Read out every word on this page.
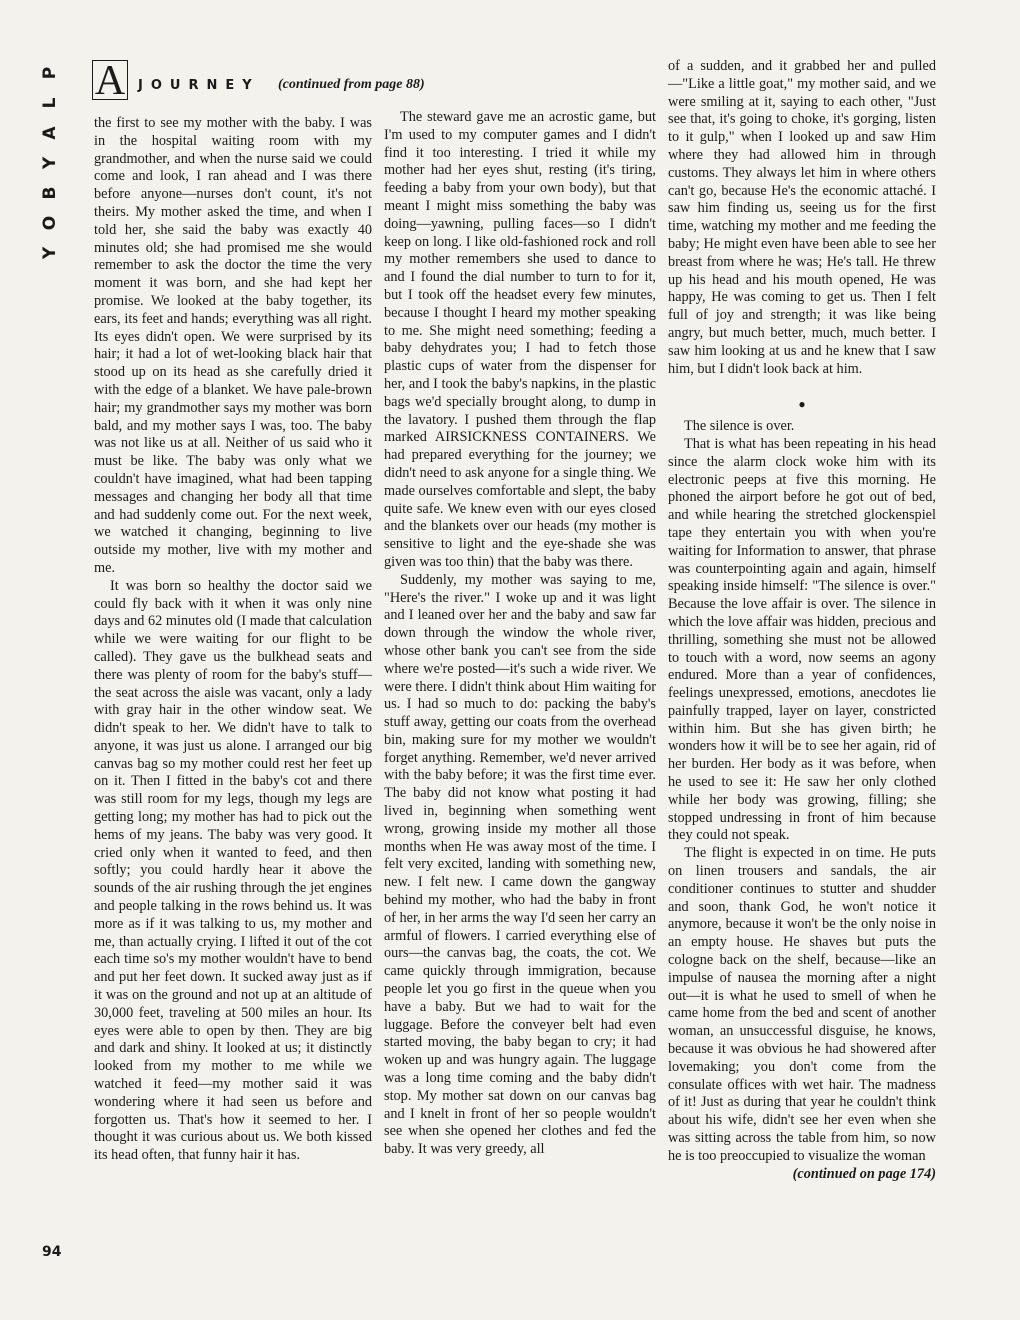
P
L
A
Y
B
O
Y
94
A JOURNEY (continued from page 88)

the first to see my mother with the baby. I was in the hospital waiting room with my grandmother, and when the nurse said we could come and look, I ran ahead and I was there before anyone—nurses don't count, it's not theirs. My mother asked the time, and when I told her, she said the baby was exactly 40 minutes old; she had promised me she would remember to ask the doctor the time the very moment it was born, and she had kept her promise. We looked at the baby together, its ears, its feet and hands; everything was all right. Its eyes didn't open. We were surprised by its hair; it had a lot of wet-looking black hair that stood up on its head as she carefully dried it with the edge of a blanket. We have pale-brown hair; my grandmother says my mother was born bald, and my mother says I was, too. The baby was not like us at all. Neither of us said who it must be like. The baby was only what we couldn't have imagined, what had been tapping messages and changing her body all that time and had suddenly come out. For the next week, we watched it changing, beginning to live outside my mother, live with my mother and me.

It was born so healthy the doctor said we could fly back with it when it was only nine days and 62 minutes old (I made that calculation while we were waiting for our flight to be called). They gave us the bulkhead seats and there was plenty of room for the baby's stuff—the seat across the aisle was vacant, only a lady with gray hair in the other window seat. We didn't speak to her. We didn't have to talk to anyone, it was just us alone. I arranged our big canvas bag so my mother could rest her feet up on it. Then I fitted in the baby's cot and there was still room for my legs, though my legs are getting long; my mother has had to pick out the hems of my jeans. The baby was very good. It cried only when it wanted to feed, and then softly; you could hardly hear it above the sounds of the air rushing through the jet engines and people talking in the rows behind us. It was more as if it was talking to us, my mother and me, than actually crying. I lifted it out of the cot each time so's my mother wouldn't have to bend and put her feet down. It sucked away just as if it was on the ground and not up at an altitude of 30,000 feet, traveling at 500 miles an hour. Its eyes were able to open by then. They are big and dark and shiny. It looked at us; it distinctly looked from my mother to me while we watched it feed—my mother said it was wondering where it had seen us before and forgotten us. That's how it seemed to her. I thought it was curious about us. We both kissed its head often, that funny hair it has.

The steward gave me an acrostic game, but I'm used to my computer games and I didn't find it too interesting. I tried it while my mother had her eyes shut, resting (it's tiring, feeding a baby from your own body), but that meant I might miss something the baby was doing—yawning, pulling faces—so I didn't keep on long. I like old-fashioned rock and roll my mother remembers she used to dance to and I found the dial number to turn to for it, but I took off the headset every few minutes, because I thought I heard my mother speaking to me. She might need something; feeding a baby dehydrates you; I had to fetch those plastic cups of water from the dispenser for her, and I took the baby's napkins, in the plastic bags we'd specially brought along, to dump in the lavatory. I pushed them through the flap marked AIRSICKNESS CONTAINERS. We had prepared everything for the journey; we didn't need to ask anyone for a single thing. We made ourselves comfortable and slept, the baby quite safe. We knew even with our eyes closed and the blankets over our heads (my mother is sensitive to light and the eye-shade she was given was too thin) that the baby was there.

Suddenly, my mother was saying to me, "Here's the river." I woke up and it was light and I leaned over her and the baby and saw far down through the window the whole river, whose other bank you can't see from the side where we're posted—it's such a wide river. We were there. I didn't think about Him waiting for us. I had so much to do: packing the baby's stuff away, getting our coats from the overhead bin, making sure for my mother we wouldn't forget anything. Remember, we'd never arrived with the baby before; it was the first time ever. The baby did not know what posting it had lived in, beginning when something went wrong, growing inside my mother all those months when He was away most of the time. I felt very excited, landing with something new, new. I felt new. I came down the gangway behind my mother, who had the baby in front of her, in her arms the way I'd seen her carry an armful of flowers. I carried everything else of ours—the canvas bag, the coats, the cot. We came quickly through immigration, because people let you go first in the queue when you have a baby. But we had to wait for the luggage. Before the conveyer belt had even started moving, the baby began to cry; it had woken up and was hungry again. The luggage was a long time coming and the baby didn't stop. My mother sat down on our canvas bag and I knelt in front of her so people wouldn't see when she opened her clothes and fed the baby. It was very greedy, all

of a sudden, and it grabbed her and pulled—"Like a little goat," my mother said, and we were smiling at it, saying to each other, "Just see that, it's going to choke, it's gorging, listen to it gulp," when I looked up and saw Him where they had allowed him in through customs. They always let him in where others can't go, because He's the economic attaché. I saw him finding us, seeing us for the first time, watching my mother and me feeding the baby; He might even have been able to see her breast from where he was; He's tall. He threw up his head and his mouth opened, He was happy, He was coming to get us. Then I felt full of joy and strength; it was like being angry, but much better, much, much better. I saw him looking at us and he knew that I saw him, but I didn't look back at him.

●

The silence is over.

That is what has been repeating in his head since the alarm clock woke him with its electronic peeps at five this morning. He phoned the airport before he got out of bed, and while hearing the stretched glockenspiel tape they entertain you with when you're waiting for Information to answer, that phrase was counterpointing again and again, himself speaking inside himself: "The silence is over." Because the love affair is over. The silence in which the love affair was hidden, precious and thrilling, something she must not be allowed to touch with a word, now seems an agony endured. More than a year of confidences, feelings unexpressed, emotions, anecdotes lie painfully trapped, layer on layer, constricted within him. But she has given birth; he wonders how it will be to see her again, rid of her burden. Her body as it was before, when he used to see it: He saw her only clothed while her body was growing, filling; she stopped undressing in front of him because they could not speak.

The flight is expected in on time. He puts on linen trousers and sandals, the air conditioner continues to stutter and shudder and soon, thank God, he won't notice it anymore, because it won't be the only noise in an empty house. He shaves but puts the cologne back on the shelf, because—like an impulse of nausea the morning after a night out—it is what he used to smell of when he came home from the bed and scent of another woman, an unsuccessful disguise, he knows, because it was obvious he had showered after lovemaking; you don't come from the consulate offices with wet hair. The madness of it! Just as during that year he couldn't think about his wife, didn't see her even when she was sitting across the table from him, so now he is too preoccupied to visualize the woman

(continued on page 174)
